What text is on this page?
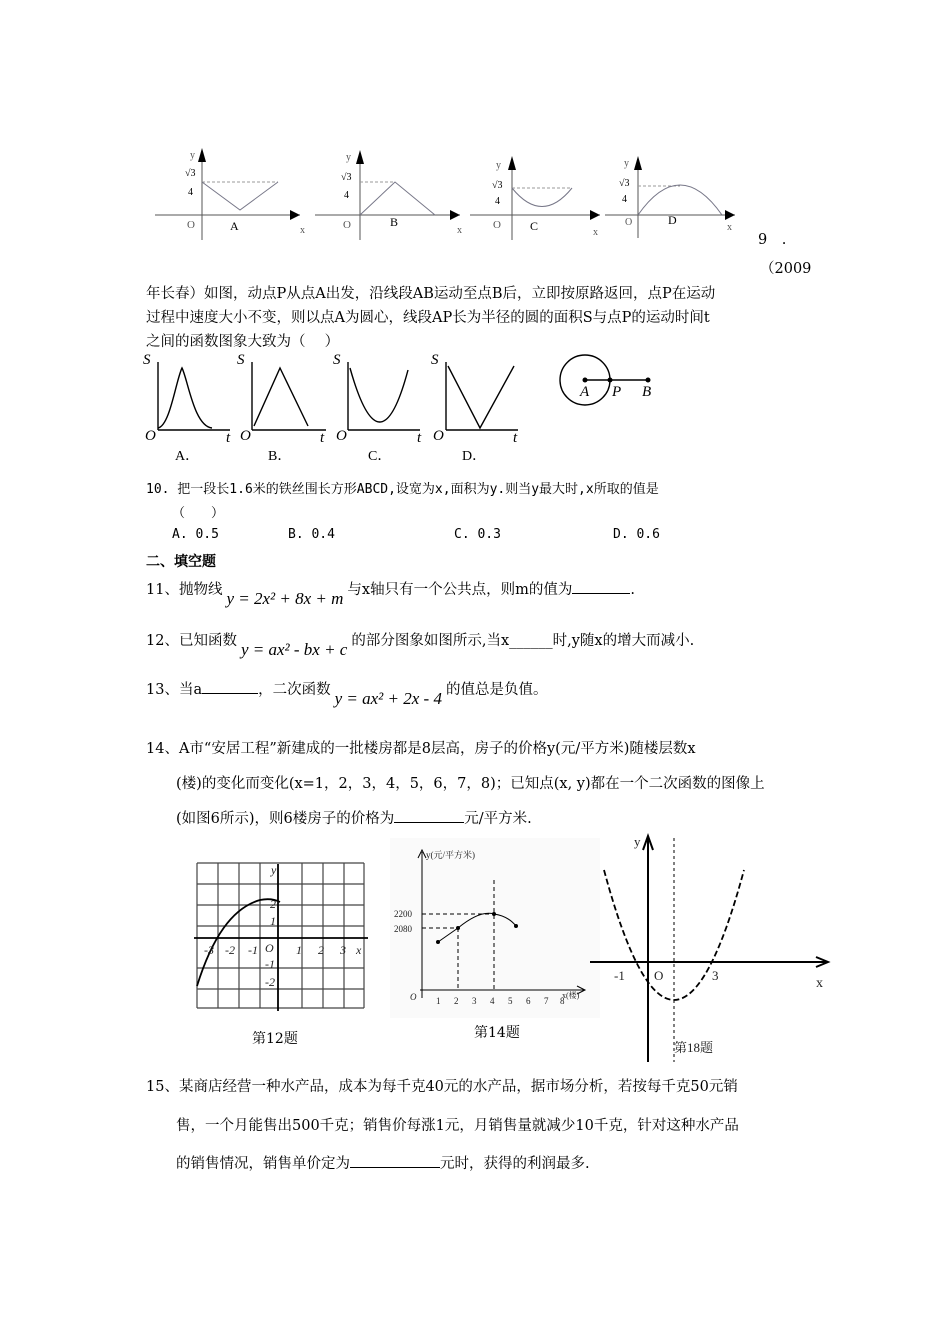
y
√3
4
O	A
y
√3
4
O	B
x
y
√3
4
O C	x
y
√3
4
O	D
x
x
9　.
（2009
年长春）如图，动点P从点A出发，沿线段AB运动至点B后，立即按原路返回，点P在运动
过程中速度大小不变，则以点A为圆心，线段AP长为半径的圆的面积S与点P的运动时间t
之间的函数图象大致为（　 ）
S	S	S	S
O	O	O	O
t	t	t	t
A P B
A．	B．	C．	D．
10. 把一段长1.6米的铁丝围长方形ABCD,设宽为x,面积为y.则当y最大时,x所取的值是
（　　）
A. 0.5	B. 0.4	C. 0.3	D. 0.6
二、填空题
11、抛物线 y = 2x² + 8x + m 与x轴只有一个公共点，则m的值为	.
12、已知函数 y = ax² - bx + c 的部分图象如图所示,当x______时,y随x的增大而减小.
13、当a	，二次函数 y = ax² + 2x - 4 的值总是负值。
14、A市“安居工程”新建成的一批楼房都是8层高，房子的价格y(元/平方米)随楼层数x
(楼)的变化而变化(x=1，2，3，4，5，6，7，8)；已知点(x, y)都在一个二次函数的图像上
(如图6所示)，则6楼房子的价格为	元/平方米.
-3 -2 -1 O 1 2 3 x
y
2
1
-1
-2
第12题
y(元/平方米)
2200
2080
O 1 2 3 4 5 6 7 8
x(楼)
第14题
y
x
-1 O	3
第18题
15、某商店经营一种水产品，成本为每千克40元的水产品，据市场分析，若按每千克50元销
售，一个月能售出500千克；销售价每涨1元，月销售量就减少10千克，针对这种水产品
的销售情况，销售单价定为	元时，获得的利润最多.
